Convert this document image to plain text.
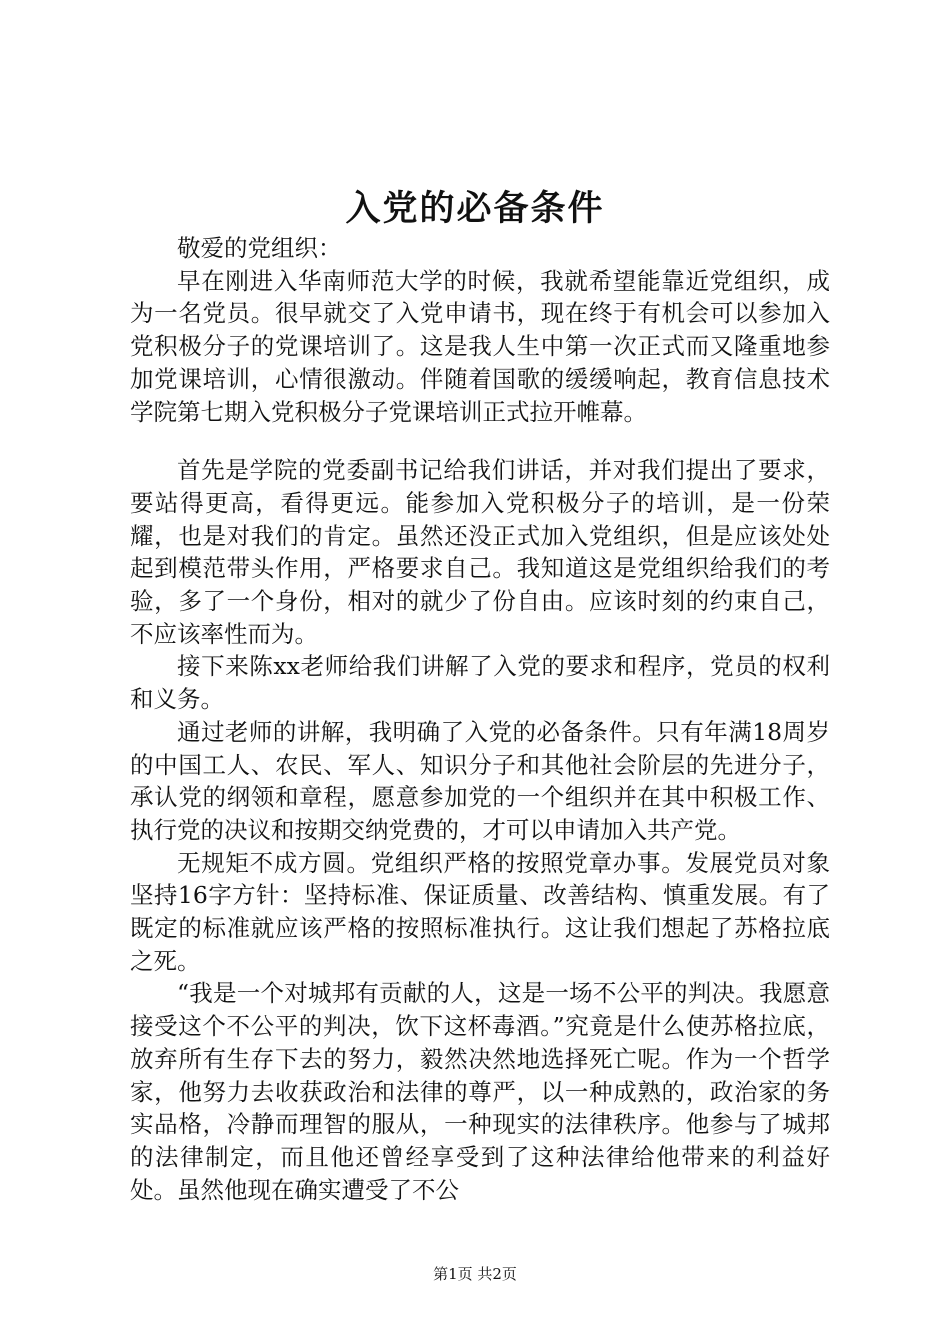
入党的必备条件

敬爱的党组织：

早在刚进入华南师范大学的时候，我就希望能靠近党组织，成为一名党员。很早就交了入党申请书，现在终于有机会可以参加入党积极分子的党课培训了。这是我人生中第一次正式而又隆重地参加党课培训，心情很激动。伴随着国歌的缓缓响起，教育信息技术学院第七期入党积极分子党课培训正式拉开帷幕。

首先是学院的党委副书记给我们讲话，并对我们提出了要求，要站得更高，看得更远。能参加入党积极分子的培训，是一份荣耀，也是对我们的肯定。虽然还没正式加入党组织，但是应该处处起到模范带头作用，严格要求自己。我知道这是党组织给我们的考验，多了一个身份，相对的就少了份自由。应该时刻的约束自己，不应该率性而为。

接下来陈xx老师给我们讲解了入党的要求和程序，党员的权利和义务。

通过老师的讲解，我明确了入党的必备条件。只有年满18周岁的中国工人、农民、军人、知识分子和其他社会阶层的先进分子，承认党的纲领和章程，愿意参加党的一个组织并在其中积极工作、执行党的决议和按期交纳党费的，才可以申请加入共产党。

无规矩不成方圆。党组织严格的按照党章办事。发展党员对象坚持16字方针：坚持标准、保证质量、改善结构、慎重发展。有了既定的标准就应该严格的按照标准执行。这让我们想起了苏格拉底之死。

“我是一个对城邦有贡献的人，这是一场不公平的判决。我愿意接受这个不公平的判决，饮下这杯毒酒。”究竟是什么使苏格拉底，放弃所有生存下去的努力，毅然决然地选择死亡呢。作为一个哲学家，他努力去收获政治和法律的尊严，以一种成熟的，政治家的务实品格，冷静而理智的服从，一种现实的法律秩序。他参与了城邦的法律制定，而且他还曾经享受到了这种法律给他带来的利益好处。虽然他现在确实遭受了不公

第1页 共2页
